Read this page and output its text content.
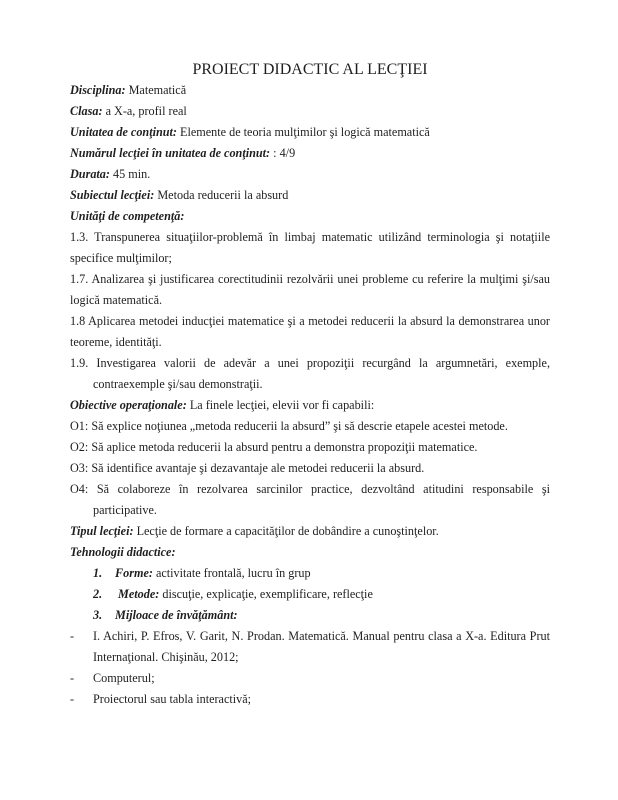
PROIECT DIDACTIC AL LECŢIEI

Disciplina: Matematică

Clasa: a X-a, profil real

Unitatea de conţinut: Elemente de teoria mulţimilor şi logică matematică

Numărul lecţiei în unitatea de conţinut: : 4/9

Durata: 45 min.

Subiectul lecţiei: Metoda reducerii la absurd

Unităţi de competenţă:

1.3. Transpunerea situaţiilor-problemă în limbaj matematic utilizând terminologia şi notaţiile specifice mulţimilor;

1.7. Analizarea şi justificarea corectitudinii rezolvării unei probleme cu referire la mulţimi şi/sau logică matematică.

1.8 Aplicarea metodei inducţiei matematice şi a metodei reducerii la absurd la demonstrarea unor teoreme, identităţi.

1.9. Investigarea valorii de adevăr a unei propoziţii recurgând la argumnetări, exemple, contraexemple şi/sau demonstraţii.

Obiective operaţionale: La finele lecţiei, elevii vor fi capabili:

O1: Să explice noţiunea „metoda reducerii la absurd” şi să descrie etapele acestei metode.

O2: Să aplice metoda reducerii la absurd pentru a demonstra propoziţii matematice.

O3: Să identifice avantaje şi dezavantaje ale metodei reducerii la absurd.

O4: Să colaboreze în rezolvarea sarcinilor practice, dezvoltând atitudini responsabile şi participative.

Tipul lecţiei: Lecţie de formare a capacităţilor de dobândire a cunoştinţelor.

Tehnologii didactice:

1. Forme: activitate frontală, lucru în grup

2. Metode: discuţie, explicaţie, exemplificare, reflecţie

3. Mijloace de învăţământ:

- I. Achiri, P. Efros, V. Garit, N. Prodan. Matematică. Manual pentru clasa a X-a. Editura Prut Internaţional. Chişinău, 2012;

- Computerul;

- Proiectorul sau tabla interactivă;
